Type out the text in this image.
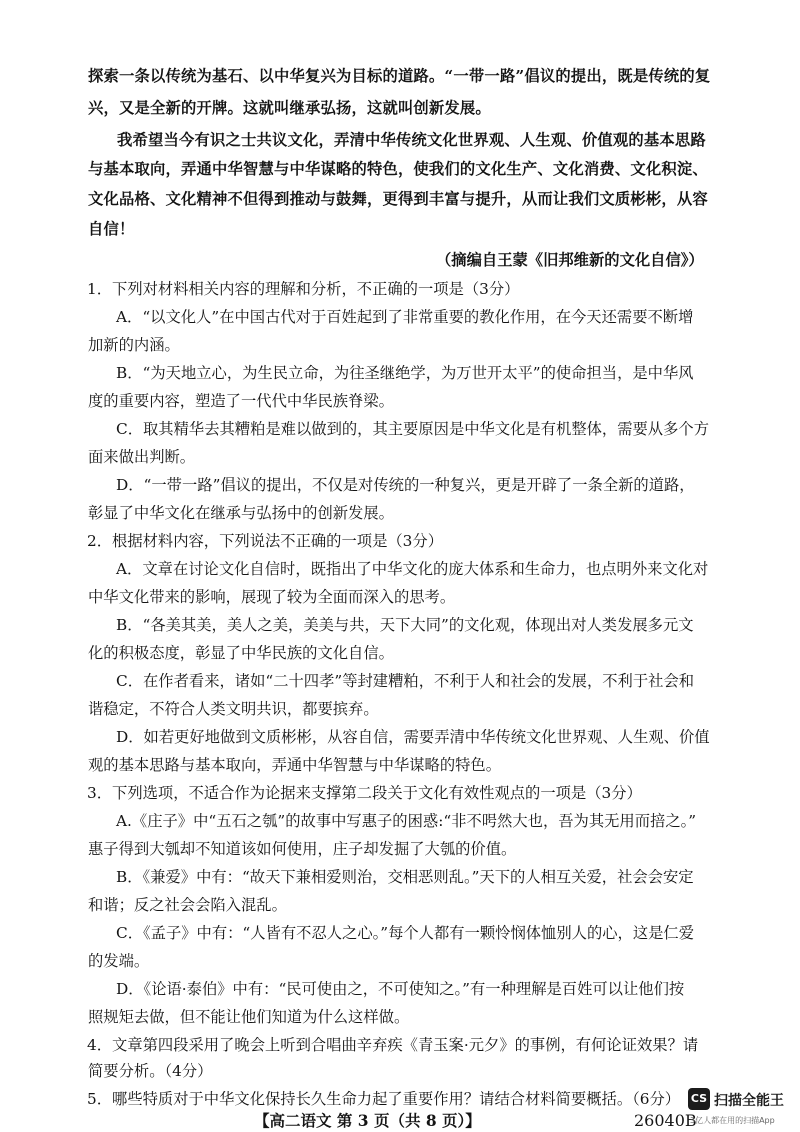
探索一条以传统为基石、以中华复兴为目标的道路。“一带一路”倡议的提出，既是传统的复
兴，又是全新的开牌。这就叫继承弘扬，这就叫创新发展。
我希望当今有识之士共议文化，弄清中华传统文化世界观、人生观、价值观的基本思路
与基本取向，弄通中华智慧与中华谋略的特色，使我们的文化生产、文化消费、文化积淀、
文化品格、文化精神不但得到推动与鼓舞，更得到丰富与提升，从而让我们文质彬彬，从容
自信！
（摘编自王蒙《旧邦维新的文化自信》）
1．下列对材料相关内容的理解和分析，不正确的一项是（3分）
A．“以文化人”在中国古代对于百姓起到了非常重要的教化作用，在今天还需要不断增
加新的内涵。
B．“为天地立心，为生民立命，为往圣继绝学，为万世开太平”的使命担当，是中华风
度的重要内容，塑造了一代代中华民族脊梁。
C．取其精华去其糟粕是难以做到的，其主要原因是中华文化是有机整体，需要从多个方
面来做出判断。
D．“一带一路”倡议的提出，不仅是对传统的一种复兴，更是开辟了一条全新的道路，
彰显了中华文化在继承与弘扬中的创新发展。
2．根据材料内容，下列说法不正确的一项是（3分）
A．文章在讨论文化自信时，既指出了中华文化的庞大体系和生命力，也点明外来文化对
中华文化带来的影响，展现了较为全面而深入的思考。
B．“各美其美，美人之美，美美与共，天下大同”的文化观，体现出对人类发展多元文
化的积极态度，彰显了中华民族的文化自信。
C．在作者看来，诸如“二十四孝”等封建糟粕，不利于人和社会的发展，不利于社会和
谐稳定，不符合人类文明共识，都要摈弃。
D．如若更好地做到文质彬彬，从容自信，需要弄清中华传统文化世界观、人生观、价值
观的基本思路与基本取向，弄通中华智慧与中华谋略的特色。
3．下列选项，不适合作为论据来支撑第二段关于文化有效性观点的一项是（3分）
A.《庄子》中“五石之瓠”的故事中写惠子的困惑:“非不呺然大也，吾为其无用而掊之。”
惠子得到大瓠却不知道该如何使用，庄子却发掘了大瓠的价值。
B．《兼爱》中有：“故天下兼相爱则治，交相恶则乱。”天下的人相互关爱，社会会安定
和谐；反之社会会陷入混乱。
C．《孟子》中有：“人皆有不忍人之心。”每个人都有一颗怜悯体恤别人的心，这是仁爱
的发端。
D．《论语·泰伯》中有：“民可使由之，不可使知之。”有一种理解是百姓可以让他们按
照规矩去做，但不能让他们知道为什么这样做。
4．文章第四段采用了晚会上听到合唱曲辛弃疾《青玉案·元夕》的事例，有何论证效果？请
简要分析。（4分）
5．哪些特质对于中华文化保持长久生命力起了重要作用？请结合材料简要概括。（6分）
【高二语文 第 3 页（共 8 页）】	26040B
CS 扫描全能王
3亿人都在用的扫描App
